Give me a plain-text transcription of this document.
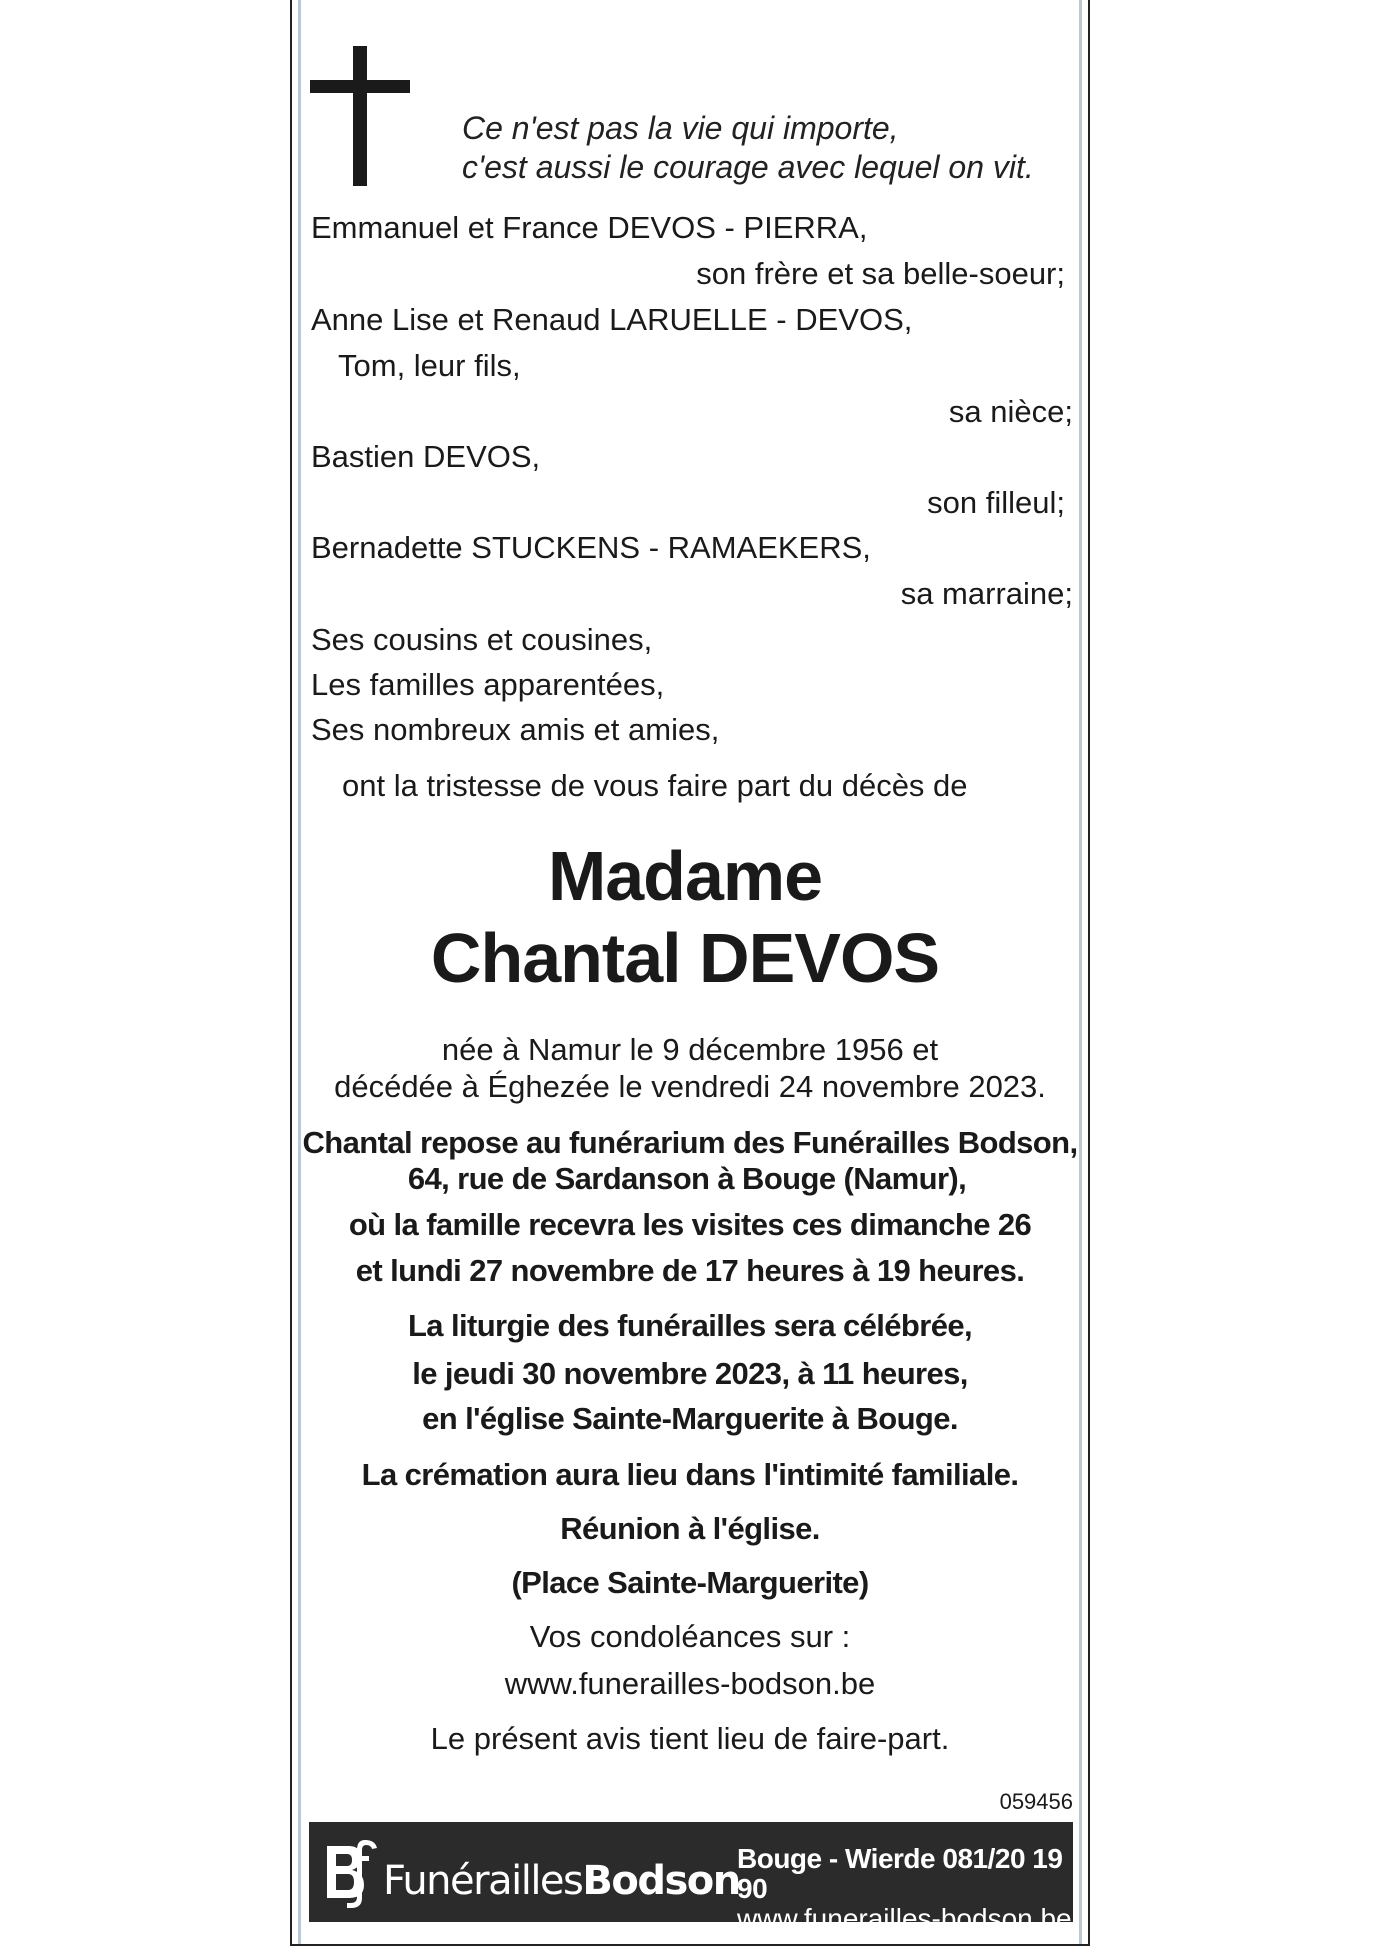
Ce n'est pas la vie qui importe,
c'est aussi le courage avec lequel on vit.
Emmanuel et France DEVOS - PIERRA,
son frère et sa belle-soeur;
Anne Lise et Renaud LARUELLE - DEVOS,
Tom, leur fils,
sa nièce;
Bastien DEVOS,
son filleul;
Bernadette STUCKENS - RAMAEKERS,
sa marraine;
Ses cousins et cousines,
Les familles apparentées,
Ses nombreux amis et amies,
ont la tristesse de vous faire part du décès de
Madame
Chantal DEVOS
née à Namur le 9 décembre 1956 et
décédée à Éghezée le vendredi 24 novembre 2023.
Chantal repose au funérarium des Funérailles Bodson,
64, rue de Sardanson à Bouge (Namur),
où la famille recevra les visites ces dimanche 26
et lundi 27 novembre de 17 heures à 19 heures.
La liturgie des funérailles sera célébrée,
le jeudi 30 novembre 2023, à 11 heures,
en l'église Sainte-Marguerite à Bouge.
La crémation aura lieu dans l'intimité familiale.
Réunion à l'église.
(Place Sainte-Marguerite)
Vos condoléances sur :
www.funerailles-bodson.be
Le présent avis tient lieu de faire-part.
059456
FunéraillesBodson
Bouge - Wierde 081/20 19 90
www.funerailles-bodson.be
